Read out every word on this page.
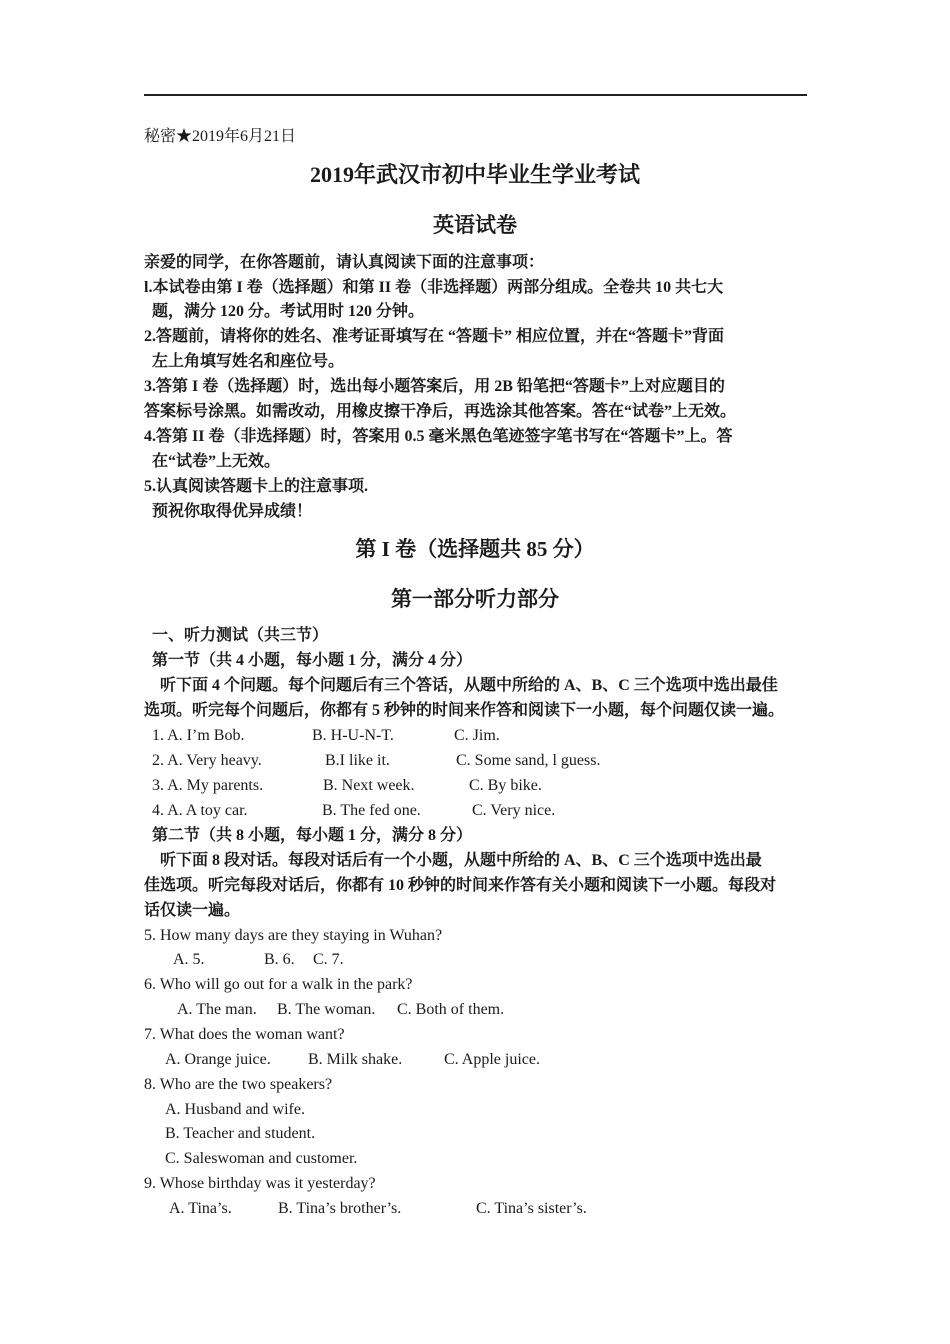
秘密★2019年6月21日
2019年武汉市初中毕业生学业考试
英语试卷
亲爱的同学，在你答题前，请认真阅读下面的注意事项：
l.本试卷由第 I 卷（选择题）和第 II 卷（非选择题）两部分组成。全卷共 10 共七大
题，满分 120 分。考试用时 120 分钟。
2.答题前，请将你的姓名、准考证哥填写在 “答题卡” 相应位置，并在“答题卡”背面
左上角填写姓名和座位号。
3.答第 I 卷（选择题）时，选出每小题答案后，用 2B 铅笔把“答题卡”上对应题目的
答案标号涂黑。如需改动，用橡皮擦干净后，再选涂其他答案。答在“试卷”上无效。
4.答第 II 卷（非选择题）时，答案用 0.5 毫米黑色笔迹签字笔书写在“答题卡”上。答
在“试卷”上无效。
5.认真阅读答题卡上的注意事项.
预祝你取得优异成绩！
第 I 卷（选择题共 85 分）
第一部分听力部分
一、听力测试（共三节）
第一节（共 4 小题，每小题 1 分，满分 4 分）
听下面 4 个问题。每个问题后有三个答话，从题中所给的 A、B、C 三个选项中选出最佳
选项。听完每个问题后，你都有 5 秒钟的时间来作答和阅读下一小题，每个问题仅读一遍。
1. A. I’m Bob.	B. H-U-N-T.	C. Jim.
2. A. Very heavy.	B.I like it.	C. Some sand, l guess.
3. A. My parents.	B. Next week.	C. By bike.
4. A. A toy car.	B. The fed one.	C. Very nice.
第二节（共 8 小题，每小题 1 分，满分 8 分）
听下面 8 段对话。每段对话后有一个小题，从题中所给的 A、B、C 三个选项中选出最
佳选项。听完每段对话后，你都有 10 秒钟的时间来作答有关小题和阅读下一小题。每段对
话仅读一遍。
5. How many days are they staying in Wuhan?
A. 5.	B. 6. C. 7.
6. Who will go out for a walk in the park?
A. The man. B. The woman. C. Both of them.
7. What does the woman want?
A. Orange juice. B. Milk shake.	C. Apple juice.
8. Who are the two speakers?
A. Husband and wife.
B. Teacher and student.
C. Saleswoman and customer.
9. Whose birthday was it yesterday?
A. Tina’s.	B. Tina’s brother’s.	C. Tina’s sister’s.
